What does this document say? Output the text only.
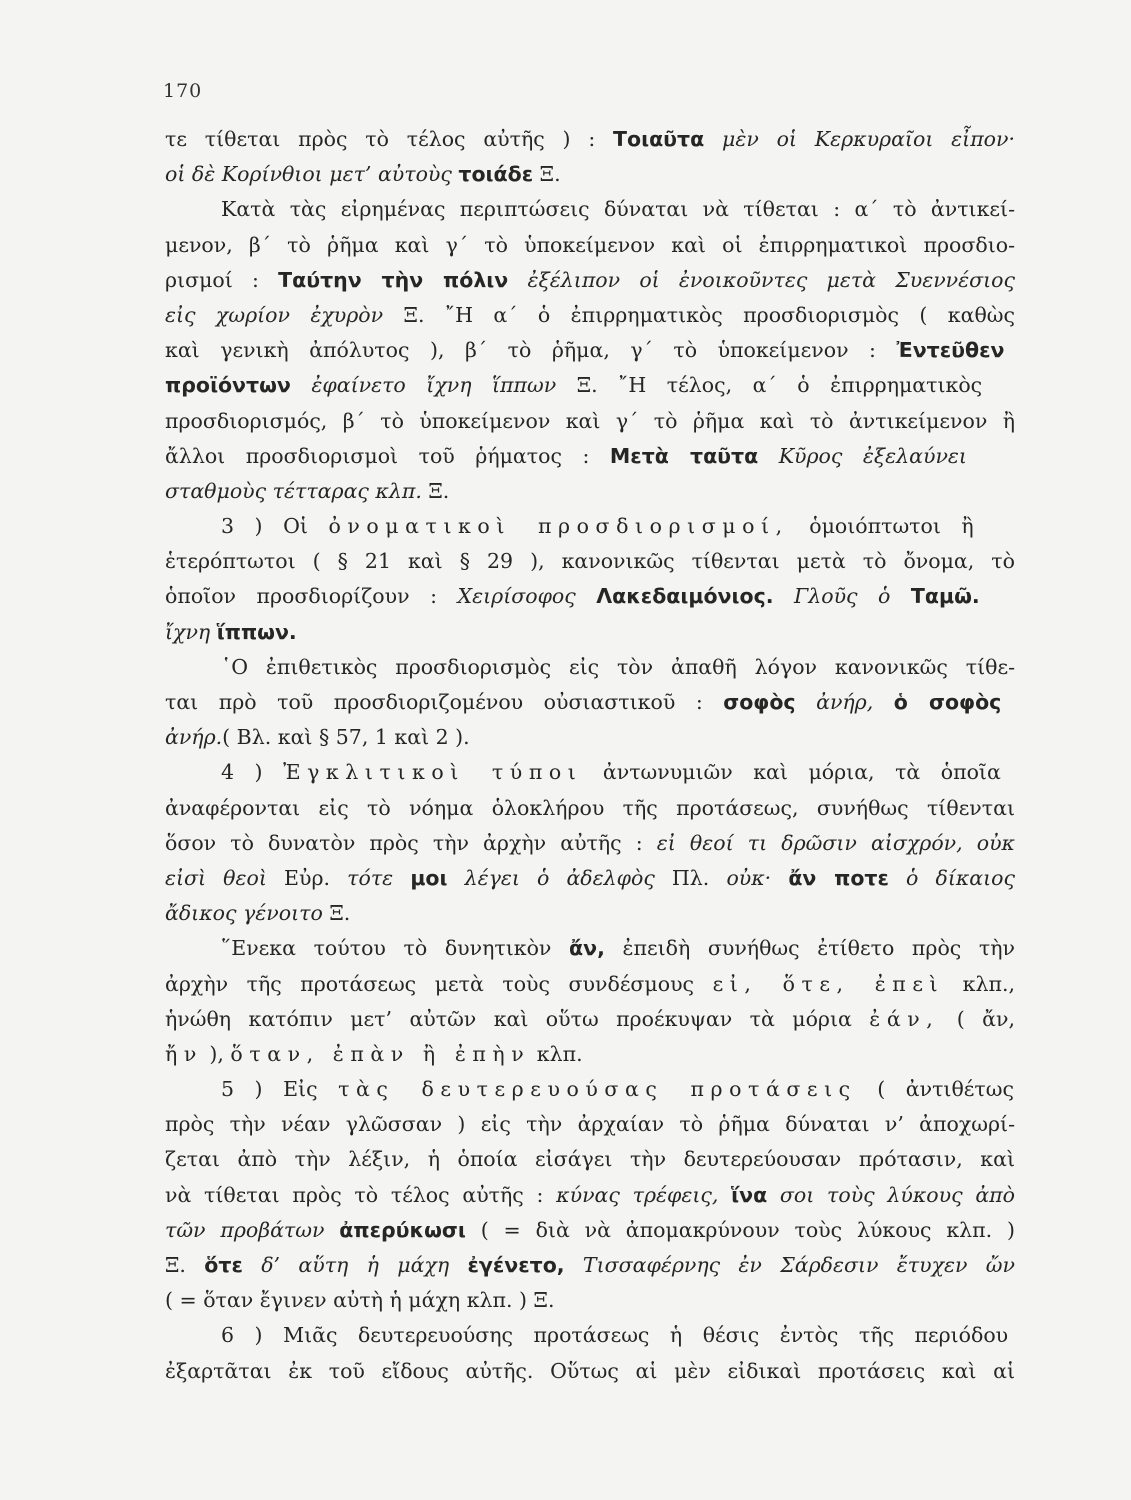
170
τε τίθεται πρὸς τὸ τέλος αὐτῆς ) : Τοιαῦτα μὲν οἱ Κερκυραῖοι εἶπον·
οἱ δὲ Κορίνθιοι μετ’ αὐτοὺς τοιάδε Ξ.
Κατὰ τὰς εἰρημένας περιπτώσεις δύναται νὰ τίθεται : α΄ τὸ ἀντικεί-
μενον, β΄ τὸ ῥῆμα καὶ γ΄ τὸ ὑποκείμενον καὶ οἱ ἐπιρρηματικοὶ προσδιο-
ρισμοί : Ταύτην τὴν πόλιν ἐξέλιπον οἱ ἐνοικοῦντες μετὰ Συεννέσιος
εἰς χωρίον ἐχυρὸν Ξ. ῎Η α΄ ὁ ἐπιρρηματικὸς προσδιορισμὸς ( καθὼς
καὶ γενικὴ ἀπόλυτος ), β΄ τὸ ῥῆμα, γ΄ τὸ ὑποκείμενον : Ἐντεῦθεν
προϊόντων ἐφαίνετο ἴχνη ἵππων Ξ. ῎Η τέλος, α΄ ὁ ἐπιρρηματικὸς
προσδιορισμός, β΄ τὸ ὑποκείμενον καὶ γ΄ τὸ ῥῆμα καὶ τὸ ἀντικείμενον ἢ
ἄλλοι προσδιορισμοὶ τοῦ ῥήματος : Μετὰ ταῦτα Κῦρος ἐξελαύνει
σταθμοὺς τέτταρας κλπ. Ξ.
3 ) Οἱ ὀνοματικοὶ προσδιορισμοί, ὁμοιόπτωτοι ἢ
ἑτερόπτωτοι ( § 21 καὶ § 29 ), κανονικῶς τίθενται μετὰ τὸ ὄνομα, τὸ
ὁποῖον προσδιορίζουν : Χειρίσοφος Λακεδαιμόνιος. Γλοῦς ὁ Ταμῶ.
ἴχνη ἵππων.
῾Ο ἐπιθετικὸς προσδιορισμὸς εἰς τὸν ἀπαθῆ λόγον κανονικῶς τίθε-
ται πρὸ τοῦ προσδιοριζομένου οὐσιαστικοῦ : σοφὸς ἀνήρ, ὁ σοφὸς
ἀνήρ.( Βλ. καὶ § 57, 1 καὶ 2 ).
4 ) Ἐγκλιτικοὶ τύποι ἀντωνυμιῶν καὶ μόρια, τὰ ὁποῖα
ἀναφέρονται εἰς τὸ νόημα ὁλοκλήρου τῆς προτάσεως, συνήθως τίθενται
ὅσον τὸ δυνατὸν πρὸς τὴν ἀρχὴν αὐτῆς : εἰ θεοί τι δρῶσιν αἰσχρόν, οὐκ
εἰσὶ θεοὶ Εὐρ. τότε μοι λέγει ὁ ἀδελφὸς Πλ. οὐκ· ἄν ποτε ὁ δίκαιος
ἄδικος γένοιτο Ξ.
῞Ενεκα τούτου τὸ δυνητικὸν ἄν, ἐπειδὴ συνήθως ἐτίθετο πρὸς τὴν
ἀρχὴν τῆς προτάσεως μετὰ τοὺς συνδέσμους εἰ, ὅτε, ἐπεὶ κλπ.,
ἡνώθη κατόπιν μετ’ αὐτῶν καὶ οὕτω προέκυψαν τὰ μόρια ἐάν, ( ἄν,
ἤν ), ὅταν, ἐπὰν ἢ ἐπὴν κλπ.
5 ) Εἰς τὰς δευτερευούσας προτάσεις ( ἀντιθέτως
πρὸς τὴν νέαν γλῶσσαν ) εἰς τὴν ἀρχαίαν τὸ ῥῆμα δύναται ν’ ἀποχωρί-
ζεται ἀπὸ τὴν λέξιν, ἡ ὁποία εἰσάγει τὴν δευτερεύουσαν πρότασιν, καὶ
νὰ τίθεται πρὸς τὸ τέλος αὐτῆς : κύνας τρέφεις, ἵνα σοι τοὺς λύκους ἀπὸ
τῶν προβάτων ἀπερύκωσι ( = διὰ νὰ ἀπομακρύνουν τοὺς λύκους κλπ. )
Ξ. ὅτε δ’ αὕτη ἡ μάχη ἐγένετο, Τισσαφέρνης ἐν Σάρδεσιν ἔτυχεν ὤν
( = ὅταν ἔγινεν αὐτὴ ἡ μάχη κλπ. ) Ξ.
6 ) Μιᾶς δευτερευούσης προτάσεως ἡ θέσις ἐντὸς τῆς περιόδου
ἐξαρτᾶται ἐκ τοῦ εἴδους αὐτῆς. Οὕτως αἱ μὲν εἰδικαὶ προτάσεις καὶ αἱ
